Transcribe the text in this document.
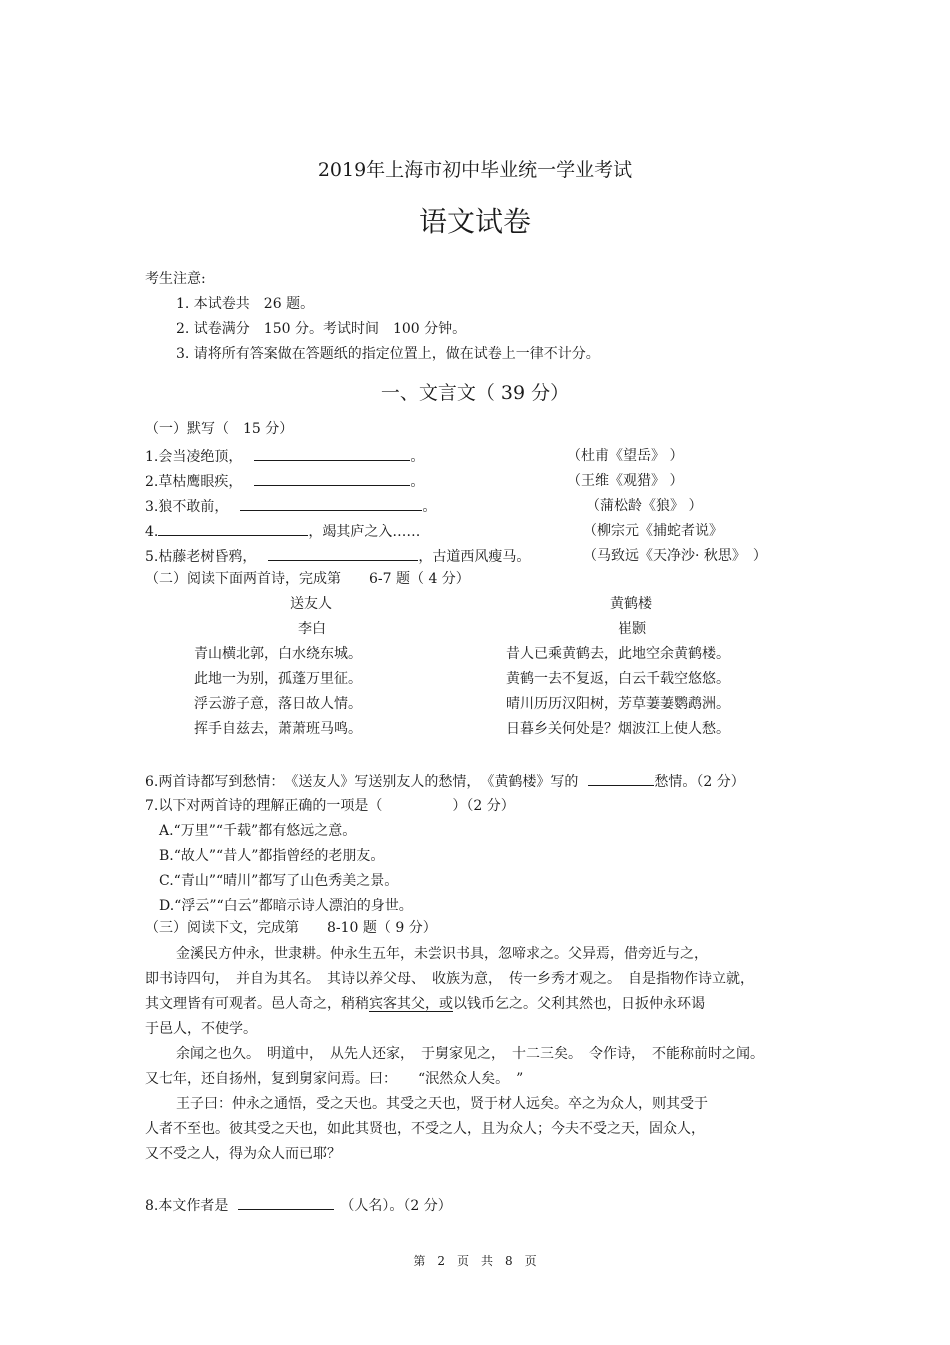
2019年上海市初中毕业统一学业考试
语文试卷
考生注意:
1. 本试卷共　26 题。
2. 试卷满分　150 分。考试时间　100 分钟。
3. 请将所有答案做在答题纸的指定位置上，做在试卷上一律不计分。
一、文言文（ 39 分）
（一）默写（　15 分）
1.会当凌绝顶，	。	（杜甫《望岳》 ）
2.草枯鹰眼疾，	。	（王维《观猎》 ）
3.狼不敢前，	。	（蒲松龄《狼》 ）
4.	，竭其庐之入……	（柳宗元《捕蛇者说》
5.枯藤老树昏鸦，	，古道西风瘦马。	（马致远《天净沙· 秋思》　）
（二）阅读下面两首诗，完成第　　6-7 题（ 4 分）
送友人
李白
青山横北郭，白水绕东城。
此地一为别，孤蓬万里征。
浮云游子意，落日故人情。
挥手自兹去，萧萧班马鸣。
黄鹤楼
崔颢
昔人已乘黄鹤去，此地空余黄鹤楼。
黄鹤一去不复返，白云千载空悠悠。
晴川历历汉阳树，芳草萋萋鹦鹉洲。
日暮乡关何处是？烟波江上使人愁。
6.两首诗都写到愁情：　《送友人》写送别友人的愁情，　《黄鹤楼》写的	愁情。（2 分）
7.以下对两首诗的理解正确的一项是（　　　　　）（2 分）
A.“万里”“千载”都有悠远之意。
B.“故人”“昔人”都指曾经的老朋友。
C.“青山”“晴川”都写了山色秀美之景。
D.“浮云”“白云”都暗示诗人漂泊的身世。
（三）阅读下文，完成第　　8-10 题（ 9 分）
金溪民方仲永，世隶耕。仲永生五年，未尝识书具，忽啼求之。父异焉，借旁近与之，
即书诗四句，　并自为其名。　其诗以养父母、　收族为意，　传一乡秀才观之。　自是指物作诗立就，
其文理皆有可观者。邑人奇之，稍稍宾客其父，或以钱币乞之。父利其然也，日扳仲永环谒
于邑人，不使学。
余闻之也久。　明道中，　从先人还家，　于舅家见之，　十二三矣。　令作诗，　不能称前时之闻。
又七年，还自扬州，复到舅家问焉。曰：　　“泯然众人矣。　”
王子曰：仲永之通悟，受之天也。其受之天也，贤于材人远矣。卒之为众人，则其受于
人者不至也。彼其受之天也，如此其贤也，不受之人，且为众人；今夫不受之天，固众人，
又不受之人，得为众人而已耶？
8.本文作者是	（人名）。（2 分）
第　2　页　共　8　页
